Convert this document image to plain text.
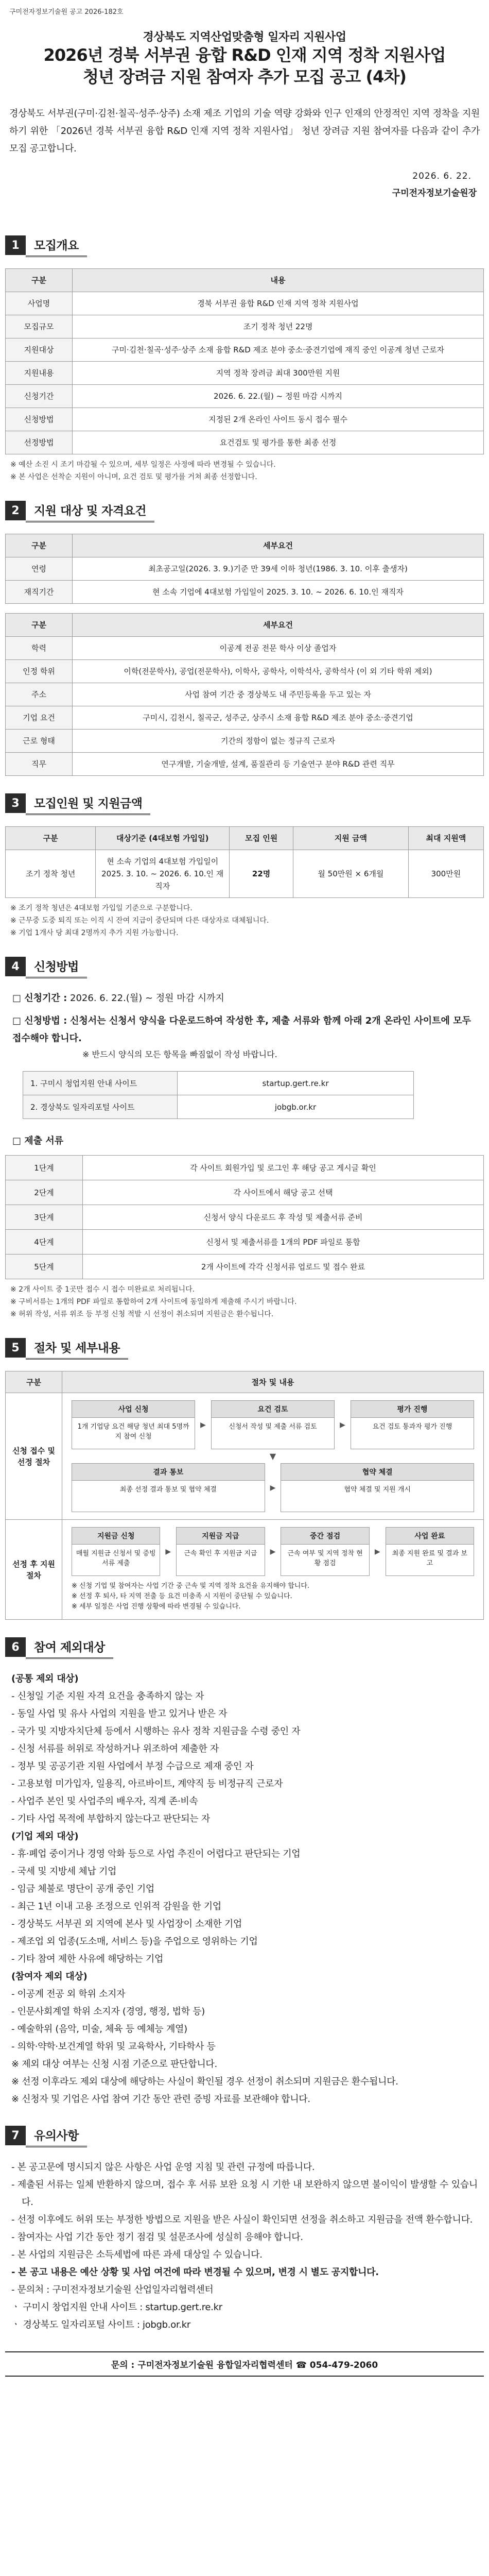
구미전자정보기술원 공고 2026-182호
경상북도 지역산업맞춤형 일자리 지원사업
2026년 경북 서부권 융합 R&D 인재 지역 정착 지원사업
청년 장려금 지원 참여자 추가 모집 공고 (4차)
경상북도 서부권(구미·김천·칠곡·성주·상주) 소재 제조 기업의 기술 역량 강화와 인구 인재의 안정적인 지역 정착을 지원하기 위한 「2026년 경북 서부권 융합 R&D 인재 지역 정착 지원사업」 청년 장려금 지원 참여자를 다음과 같이 추가 모집 공고합니다.
2026. 6. 22.
구미전자정보기술원장
1	모집개요
구분	내용
사업명	경북 서부권 융합 R&D 인재 지역 정착 지원사업
모집규모	조기 정착 청년 22명
지원대상	구미·김천·칠곡·성주·상주 소재 융합 R&D 제조 분야 중소·중견기업에 재직 중인 이공계 청년 근로자
지원내용	지역 정착 장려금 최대 300만원 지원
신청기간	2026. 6. 22.(월) ~ 정원 마감 시까지
신청방법	지정된 2개 온라인 사이트 동시 접수 필수
선정방법	요건검토 및 평가를 통한 최종 선정
※ 예산 소진 시 조기 마감될 수 있으며, 세부 일정은 사정에 따라 변경될 수 있습니다.
※ 본 사업은 선착순 지원이 아니며, 요건 검토 및 평가를 거쳐 최종 선정합니다.
2	지원 대상 및 자격요건
구분	세부요건
연령	최초공고일(2026. 3. 9.)기준 만 39세 이하 청년(1986. 3. 10. 이후 출생자)
재직기간	현 소속 기업에 4대보험 가입일이 2025. 3. 10. ~ 2026. 6. 10.인 재직자
구분	세부요건
학력	이공계 전공 전문 학사 이상 졸업자
인정 학위	이학(전문학사), 공업(전문학사), 이학사, 공학사, 이학석사, 공학석사 (이 외 기타 학위 제외)
주소	사업 참여 기간 중 경상북도 내 주민등록을 두고 있는 자
기업 요건	구미시, 김천시, 칠곡군, 성주군, 상주시 소재 융합 R&D 제조 분야 중소·중견기업
근로 형태	기간의 정함이 없는 정규직 근로자
직무	연구개발, 기술개발, 설계, 품질관리 등 기술연구 분야 R&D 관련 직무
3	모집인원 및 지원금액
구분	대상기준 (4대보험 가입일)	모집 인원	지원 금액	최대 지원액
조기 정착 청년	현 소속 기업의 4대보험 가입일이 2025. 3. 10. ~ 2026. 6. 10.인 재직자	22명	월 50만원 × 6개월	300만원
※ 조기 정착 청년은 4대보험 가입일 기준으로 구분합니다.
※ 근무중 도중 퇴직 또는 이직 시 잔여 지급이 중단되며 다른 대상자로 대체됩니다.
※ 기업 1개사 당 최대 2명까지 추가 지원 가능합니다.
4	신청방법
□ 신청기간 : 2026. 6. 22.(월) ~ 정원 마감 시까지
□ 신청방법 : 신청서는 신청서 양식을 다운로드하여 작성한 후, 제출 서류와 함께 아래 2개 온라인 사이트에 모두 접수해야 합니다.
※ 반드시 양식의 모든 항목을 빠짐없이 작성 바랍니다.
1. 구미시 청업지원 안내 사이트	startup.gert.re.kr
2. 경상북도 일자리포털 사이트	jobgb.or.kr
□ 제출 서류
1단계	각 사이트 회원가입 및 로그인 후 해당 공고 게시글 확인
2단계	각 사이트에서 해당 공고 선택
3단계	신청서 양식 다운로드 후 작성 및 제출서류 준비
4단계	신청서 및 제출서류를 1개의 PDF 파일로 통합
5단계	2개 사이트에 각각 신청서류 업로드 및 접수 완료
※ 2개 사이트 중 1곳만 접수 시 접수 미완료로 처리됩니다.
※ 구비서류는 1개의 PDF 파일로 통합하여 2개 사이트에 동일하게 제출해 주시기 바랍니다.
※ 허위 작성, 서류 위조 등 부정 신청 적발 시 선정이 취소되며 지원금은 환수됩니다.
5	절차 및 세부내용
구분	절차 및 내용
신청 접수 및 선정 절차
사업 신청
1개 기업당 요건 해당 청년 최대 5명까지 참여 신청
▶
요건 검토
신청서 작성 및 제출 서류 검토	▶
평가 진행
요건 검토 통과자 평가 진행
▼
결과 통보
최종 선정 결과 통보 및 협약 체결	▶
협약 체결
협약 체결 및 지원 개시
선정 후 지원 절차
지원금 신청
매월 지원금 신청서 및 증빙 서류 제출
▶
지원금 지급
근속 확인 후 지원금 지급	▶
중간 점검
근속 여부 및 지역 정착 현황 점검
▶
사업 완료
최종 지원 완료 및 결과 보고
※ 신청 기업 및 참여자는 사업 기간 중 근속 및 지역 정착 요건을 유지해야 합니다.
※ 선정 후 퇴사, 타 지역 전출 등 요건 미충족 시 지원이 중단될 수 있습니다.
※ 세부 일정은 사업 진행 상황에 따라 변경될 수 있습니다.
6	참여 제외대상
(공통 제외 대상)
- 신청일 기준 지원 자격 요건을 충족하지 않는 자
- 동일 사업 및 유사 사업의 지원을 받고 있거나 받은 자
- 국가 및 지방자치단체 등에서 시행하는 유사 정착 지원금을 수령 중인 자
- 신청 서류를 허위로 작성하거나 위조하여 제출한 자
- 정부 및 공공기관 지원 사업에서 부정 수급으로 제재 중인 자
- 고용보험 미가입자, 일용직, 아르바이트, 계약직 등 비정규직 근로자
- 사업주 본인 및 사업주의 배우자, 직계 존·비속
- 기타 사업 목적에 부합하지 않는다고 판단되는 자
(기업 제외 대상)
- 휴·폐업 중이거나 경영 악화 등으로 사업 추진이 어렵다고 판단되는 기업
- 국세 및 지방세 체납 기업
- 임금 체불로 명단이 공개 중인 기업
- 최근 1년 이내 고용 조정으로 인위적 감원을 한 기업
- 경상북도 서부권 외 지역에 본사 및 사업장이 소재한 기업
- 제조업 외 업종(도소매, 서비스 등)을 주업으로 영위하는 기업
- 기타 참여 제한 사유에 해당하는 기업
(참여자 제외 대상)
- 이공계 전공 외 학위 소지자
- 인문사회계열 학위 소지자 (경영, 행정, 법학 등)
- 예술학위 (음악, 미술, 체육 등 예체능 계열)
- 의학·약학·보건계열 학위 및 교육학사, 기타학사 등
※ 제외 대상 여부는 신청 시점 기준으로 판단합니다.
※ 선정 이후라도 제외 대상에 해당하는 사실이 확인될 경우 선정이 취소되며 지원금은 환수됩니다.
※ 신청자 및 기업은 사업 참여 기간 동안 관련 증빙 자료를 보관해야 합니다.
7	유의사항
- 본 공고문에 명시되지 않은 사항은 사업 운영 지침 및 관련 규정에 따릅니다.
- 제출된 서류는 일체 반환하지 않으며, 접수 후 서류 보완 요청 시 기한 내 보완하지 않으면 불이익이 발생할 수 있습니다.
- 선정 이후에도 허위 또는 부정한 방법으로 지원을 받은 사실이 확인되면 선정을 취소하고 지원금을 전액 환수합니다.
- 참여자는 사업 기간 동안 정기 점검 및 설문조사에 성실히 응해야 합니다.
- 본 사업의 지원금은 소득세법에 따른 과세 대상일 수 있습니다.
- 본 공고 내용은 예산 상황 및 사업 여건에 따라 변경될 수 있으며, 변경 시 별도 공지합니다.
- 문의처 : 구미전자정보기술원 산업일자리협력센터
ㆍ 구미시 창업지원 안내 사이트 : startup.gert.re.kr
ㆍ 경상북도 일자리포털 사이트 : jobgb.or.kr
문의 : 구미전자정보기술원 융합일자리협력센터 ☎ 054-479-2060
